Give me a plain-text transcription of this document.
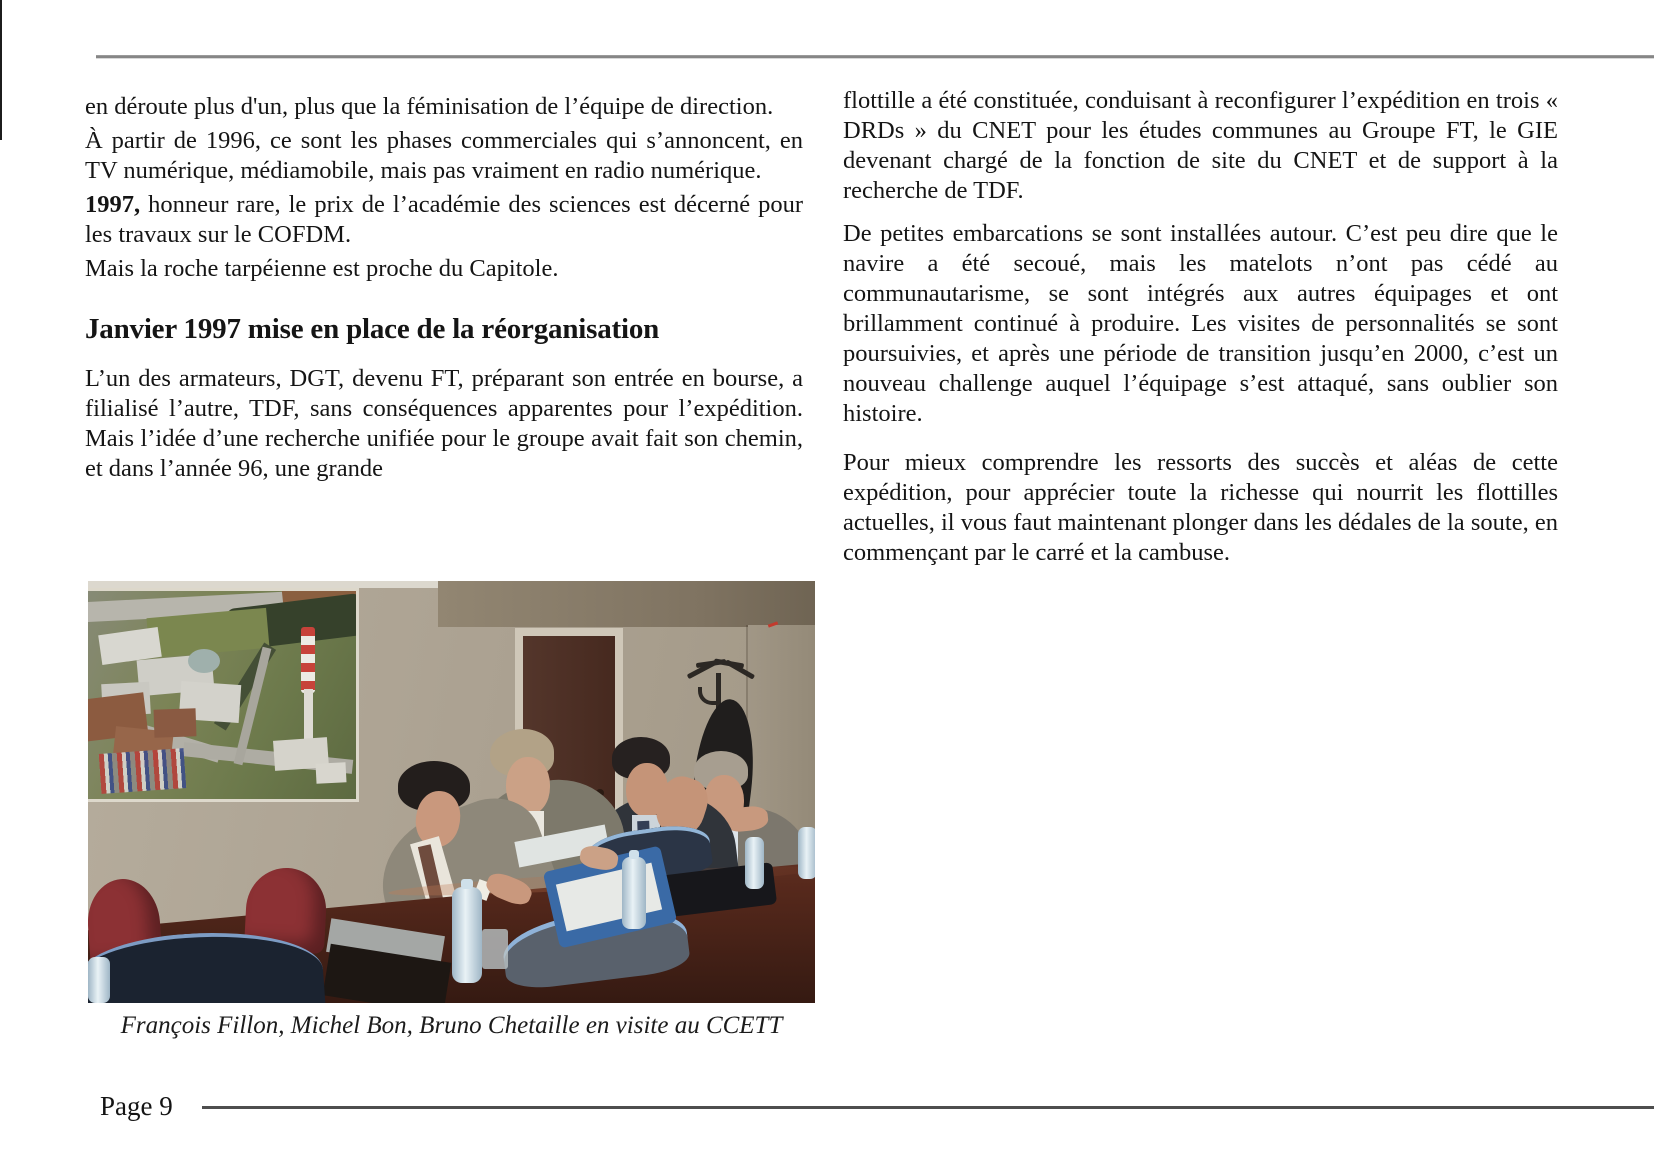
en déroute plus d'un, plus que la féminisation de l’équipe de direction.

À partir de 1996, ce sont les phases commerciales qui s’annoncent, en TV numérique, médiamobile, mais pas vraiment en radio numérique.

1997, honneur rare, le prix de l’académie des sciences est décerné pour les travaux sur le COFDM.

Mais la roche tarpéienne est proche du Capitole.

Janvier 1997 mise en place de la réorganisation

L’un des armateurs, DGT, devenu FT, préparant son entrée en bourse, a filialisé l’autre, TDF, sans conséquences apparentes pour l’expédition. Mais l’idée d’une recherche unifiée pour le groupe avait fait son chemin, et dans l’année 96, une grande

flottille a été constituée, conduisant à reconfigurer l’expédition en trois « DRDs » du CNET pour les études communes au Groupe FT, le GIE devenant chargé de la fonction de site du CNET et de support à la recherche de TDF.

De petites embarcations se sont installées autour. C’est peu dire que le navire a été secoué, mais les matelots n’ont pas cédé au communautarisme, se sont intégrés aux autres équipages et ont brillamment continué à produire. Les visites de personnalités se sont poursuivies, et après une période de transition jusqu’en 2000, c’est un nouveau challenge auquel l’équipage s’est attaqué, sans oublier son histoire.

Pour mieux comprendre les ressorts des succès et aléas de cette expédition, pour apprécier toute la richesse qui nourrit les flottilles actuelles, il vous faut maintenant plonger dans les dédales de la soute, en commençant par le carré et la cambuse.

François Fillon, Michel Bon, Bruno Chetaille en visite au CCETT
Page 9
